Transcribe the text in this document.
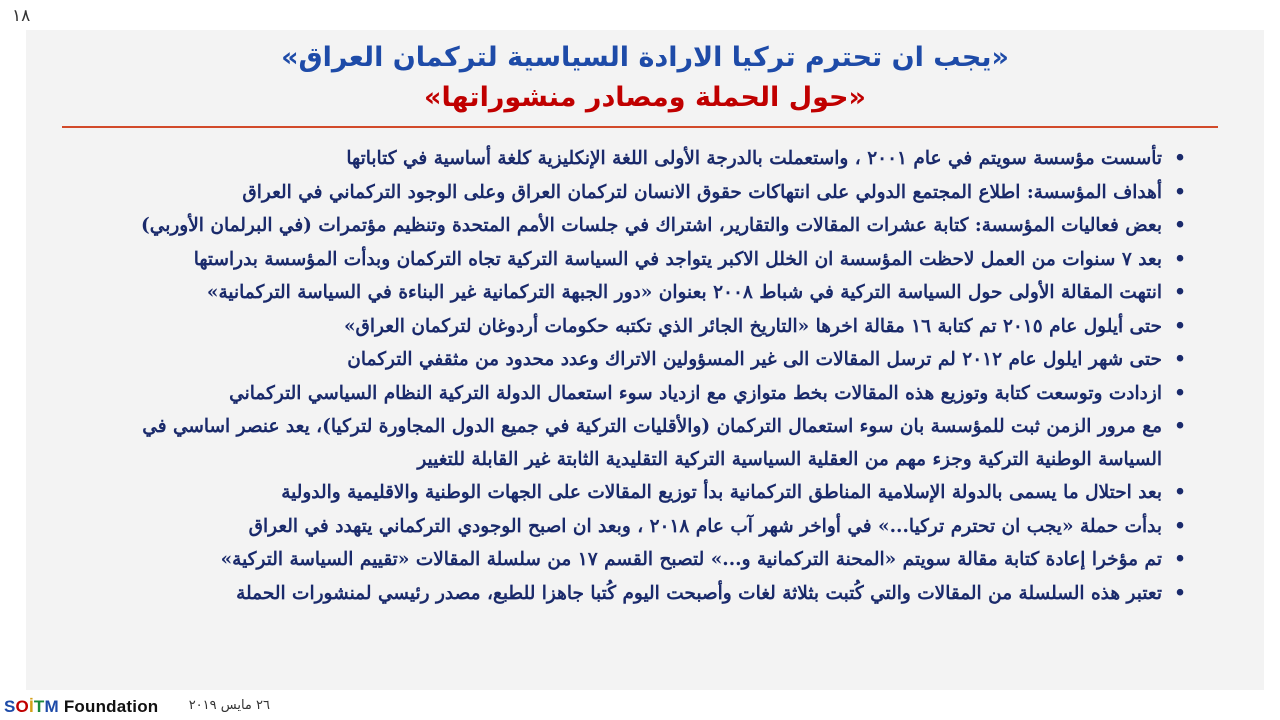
١٨
«يجب ان تحترم تركيا الارادة السياسية لتركمان العراق»
«حول الحملة ومصادر منشوراتها»
• تأسست مؤسسة سويتم في عام ٢٠٠١ ، واستعملت بالدرجة الأولى اللغة الإنكليزية كلغة أساسية في كتاباتها
• أهداف المؤسسة: اطلاع المجتمع الدولي على انتهاكات حقوق الانسان لتركمان العراق وعلى الوجود التركماني في العراق
• بعض فعاليات المؤسسة: كتابة عشرات المقالات والتقارير، اشتراك في جلسات الأمم المتحدة وتنظيم مؤتمرات (في البرلمان الأوربي)
• بعد ٧ سنوات من العمل لاحظت المؤسسة ان الخلل الاكبر يتواجد في السياسة التركية تجاه التركمان وبدأت المؤسسة بدراستها
• انتهت المقالة الأولى حول السياسة التركية في شباط ٢٠٠٨ بعنوان «دور الجبهة التركمانية غير البناءة في السياسة التركمانية»
• حتى أيلول عام ٢٠١٥ تم كتابة ١٦ مقالة اخرها «التاريخ الجائر الذي تكتبه حكومات أردوغان لتركمان العراق»
• حتى شهر ايلول عام ٢٠١٢ لم ترسل المقالات الى غير المسؤولين الاتراك وعدد محدود من مثقفي التركمان
• ازدادت وتوسعت كتابة وتوزيع هذه المقالات بخط متوازي مع ازدياد سوء استعمال الدولة التركية النظام السياسي التركماني
• مع مرور الزمن ثبت للمؤسسة بان سوء استعمال التركمان (والأقليات التركية في جميع الدول المجاورة لتركيا)، يعد عنصر اساسي في السياسة الوطنية التركية وجزء مهم من العقلية السياسية التركية التقليدية الثابتة غير القابلة للتغيير
• بعد احتلال ما يسمى بالدولة الإسلامية المناطق التركمانية بدأ توزيع المقالات على الجهات الوطنية والاقليمية والدولية
• بدأت حملة «يجب ان تحترم تركيا...» في أواخر شهر آب عام ٢٠١٨ ، وبعد ان اصبح الوجودي التركماني يتهدد في العراق
• تم مؤخرا إعادة كتابة مقالة سويتم «المحنة التركمانية و...» لتصبح القسم ١٧ من سلسلة المقالات «تقييم السياسة التركية»
• تعتبر هذه السلسلة من المقالات والتي كُتبت بثلاثة لغات وأصبحت اليوم كُتبا جاهزا للطبع، مصدر رئيسي لمنشورات الحملة
SOİTM Foundation ٢٦ مايس ٢٠١٩
